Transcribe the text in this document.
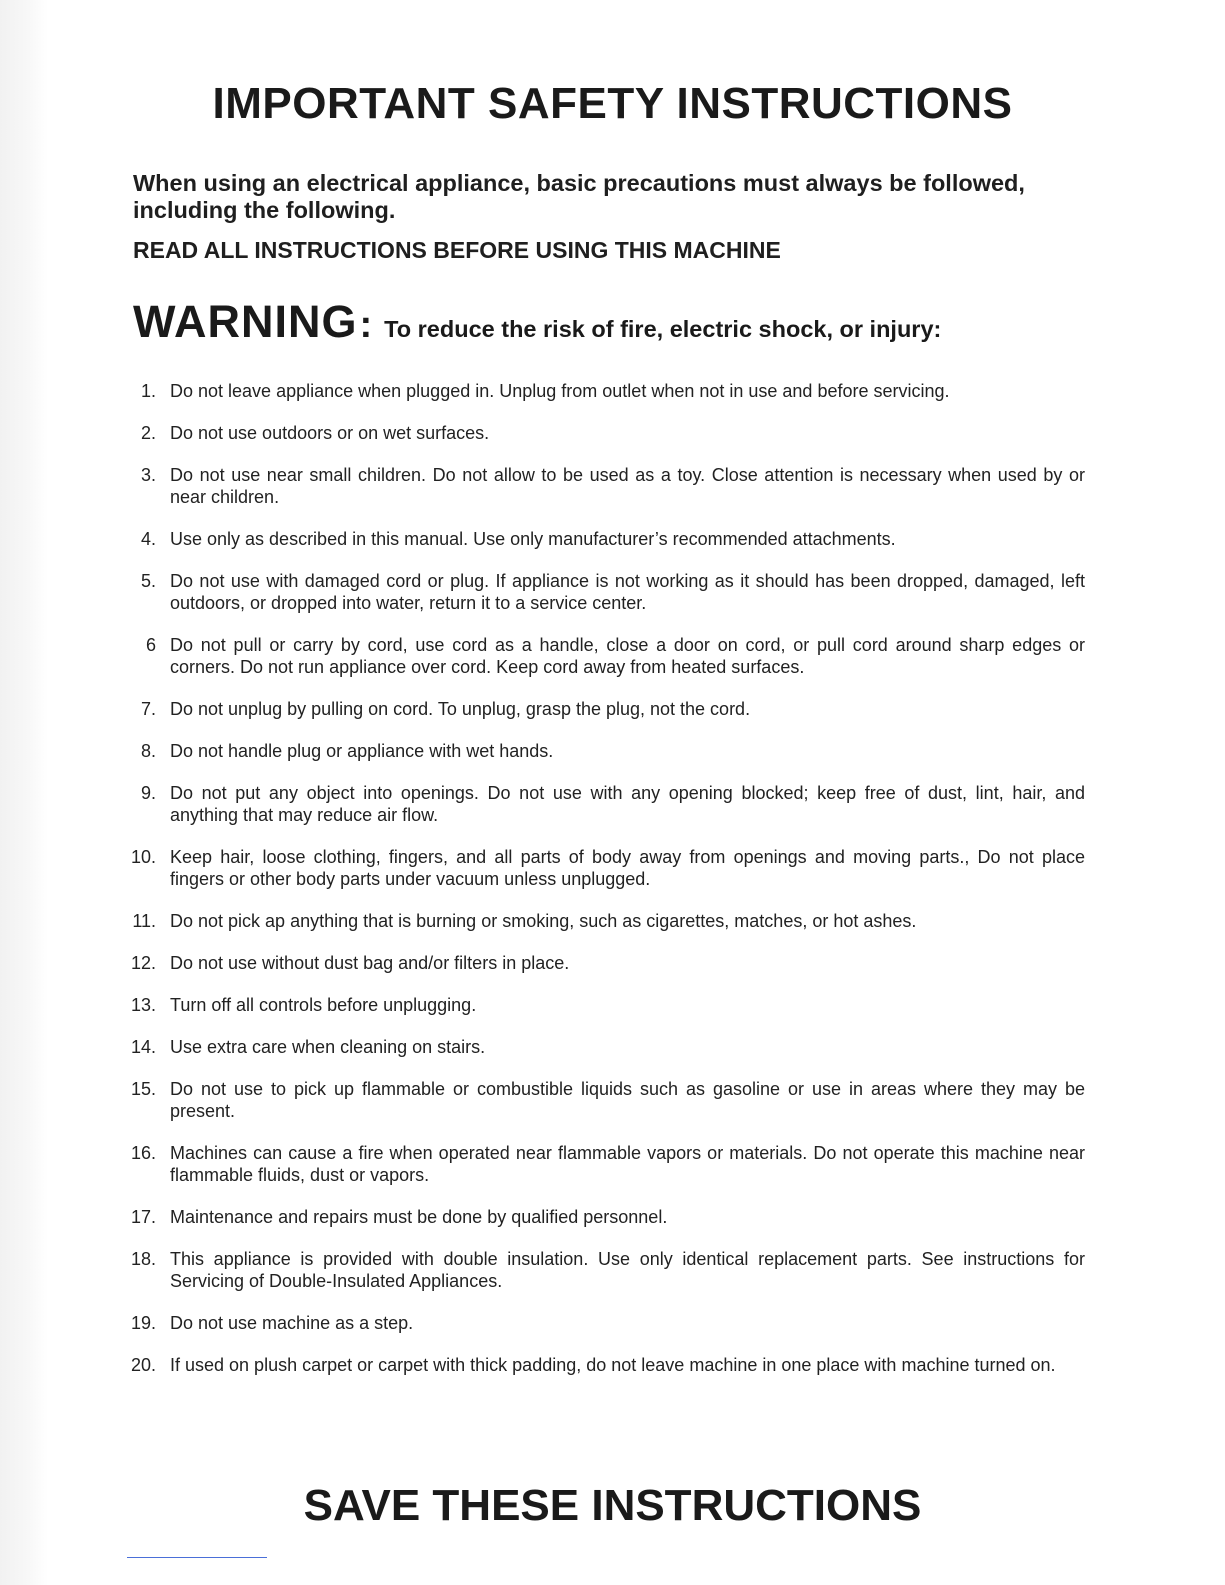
IMPORTANT SAFETY INSTRUCTIONS

When using an electrical appliance, basic precautions must always be followed, including the following.

READ ALL INSTRUCTIONS BEFORE USING THIS MACHINE

WARNING: To reduce the risk of fire, electric shock, or injury:
1. Do not leave appliance when plugged in. Unplug from outlet when not in use and before servicing.
2. Do not use outdoors or on wet surfaces.
3. Do not use near small children. Do not allow to be used as a toy. Close attention is necessary when used by or near children.
4. Use only as described in this manual. Use only manufacturer’s recommended attachments.
5. Do not use with damaged cord or plug. If appliance is not working as it should has been dropped, damaged, left outdoors, or dropped into water, return it to a service center.
6 Do not pull or carry by cord, use cord as a handle, close a door on cord, or pull cord around sharp edges or corners. Do not run appliance over cord. Keep cord away from heated surfaces.
7. Do not unplug by pulling on cord. To unplug, grasp the plug, not the cord.
8. Do not handle plug or appliance with wet hands.
9. Do not put any object into openings. Do not use with any opening blocked; keep free of dust, lint, hair, and anything that may reduce air flow.
10. Keep hair, loose clothing, fingers, and all parts of body away from openings and moving parts., Do not place fingers or other body parts under vacuum unless unplugged.
11. Do not pick ap anything that is burning or smoking, such as cigarettes, matches, or hot ashes.
12. Do not use without dust bag and/or filters in place.
13. Turn off all controls before unplugging.
14. Use extra care when cleaning on stairs.
15. Do not use to pick up flammable or combustible liquids such as gasoline or use in areas where they may be present.
16. Machines can cause a fire when operated near flammable vapors or materials. Do not operate this machine near flammable fluids, dust or vapors.
17. Maintenance and repairs must be done by qualified personnel.
18. This appliance is provided with double insulation. Use only identical replacement parts. See instructions for Servicing of Double-Insulated Appliances.
19. Do not use machine as a step.
20. If used on plush carpet or carpet with thick padding, do not leave machine in one place with machine turned on.
SAVE THESE INSTRUCTIONS
